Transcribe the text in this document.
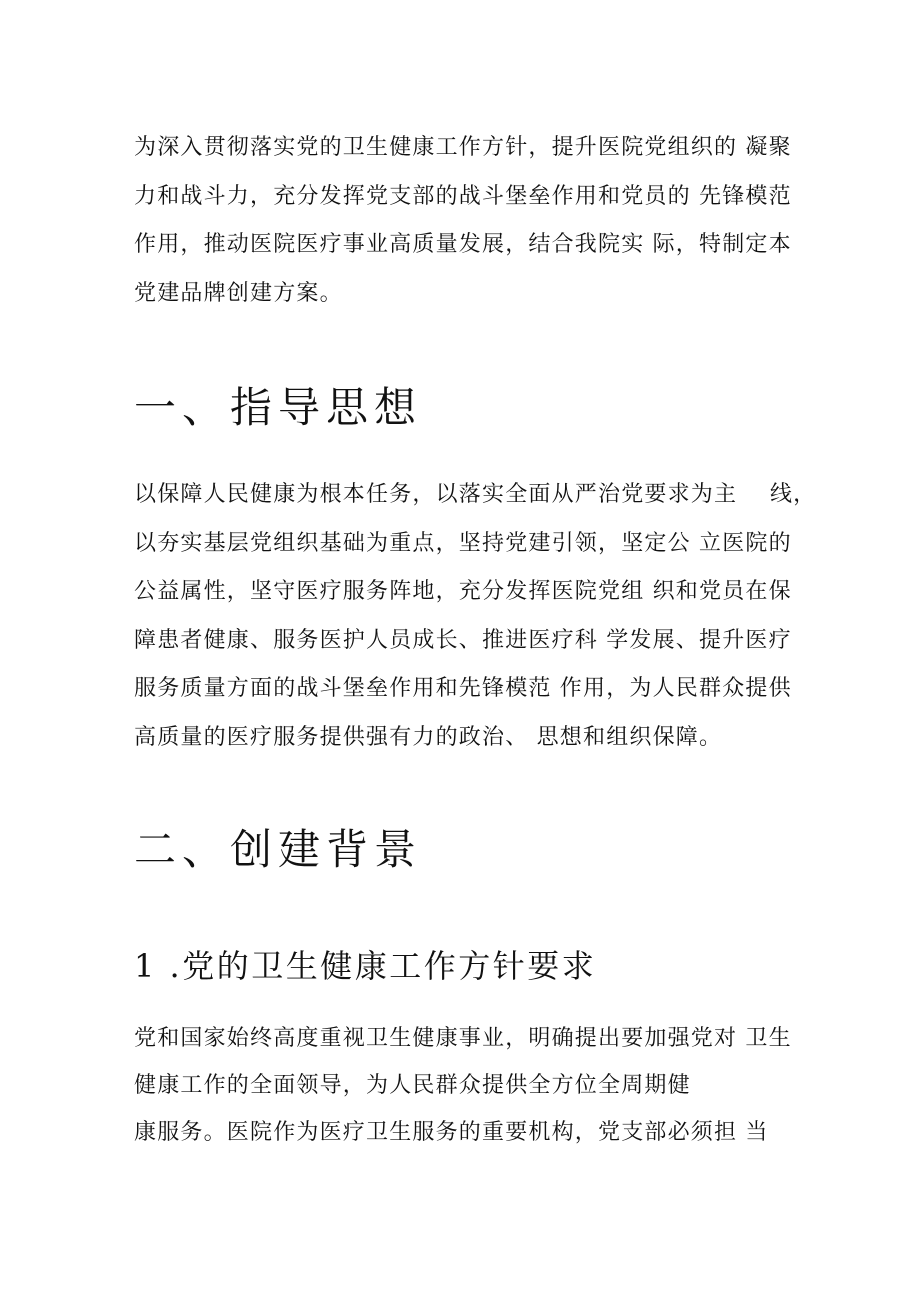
为深入贯彻落实党的卫生健康工作方针，提升医院党组织的 凝聚
力和战斗力，充分发挥党支部的战斗堡垒作用和党员的 先锋模范
作用，推动医院医疗事业高质量发展，结合我院实 际，特制定本
党建品牌创建方案。
一、指导思想
以保障人民健康为根本任务，以落实全面从严治党要求为主    线，
以夯实基层党组织基础为重点，坚持党建引领，坚定公 立医院的
公益属性，坚守医疗服务阵地，充分发挥医院党组 织和党员在保
障患者健康、服务医护人员成长、推进医疗科 学发展、提升医疗
服务质量方面的战斗堡垒作用和先锋模范 作用，为人民群众提供
高质量的医疗服务提供强有力的政治、 思想和组织保障。
二、创建背景
1 .党的卫生健康工作方针要求
党和国家始终高度重视卫生健康事业，明确提出要加强党对 卫生
健康工作的全面领导，为人民群众提供全方位全周期健
康服务。医院作为医疗卫生服务的重要机构，党支部必须担 当
